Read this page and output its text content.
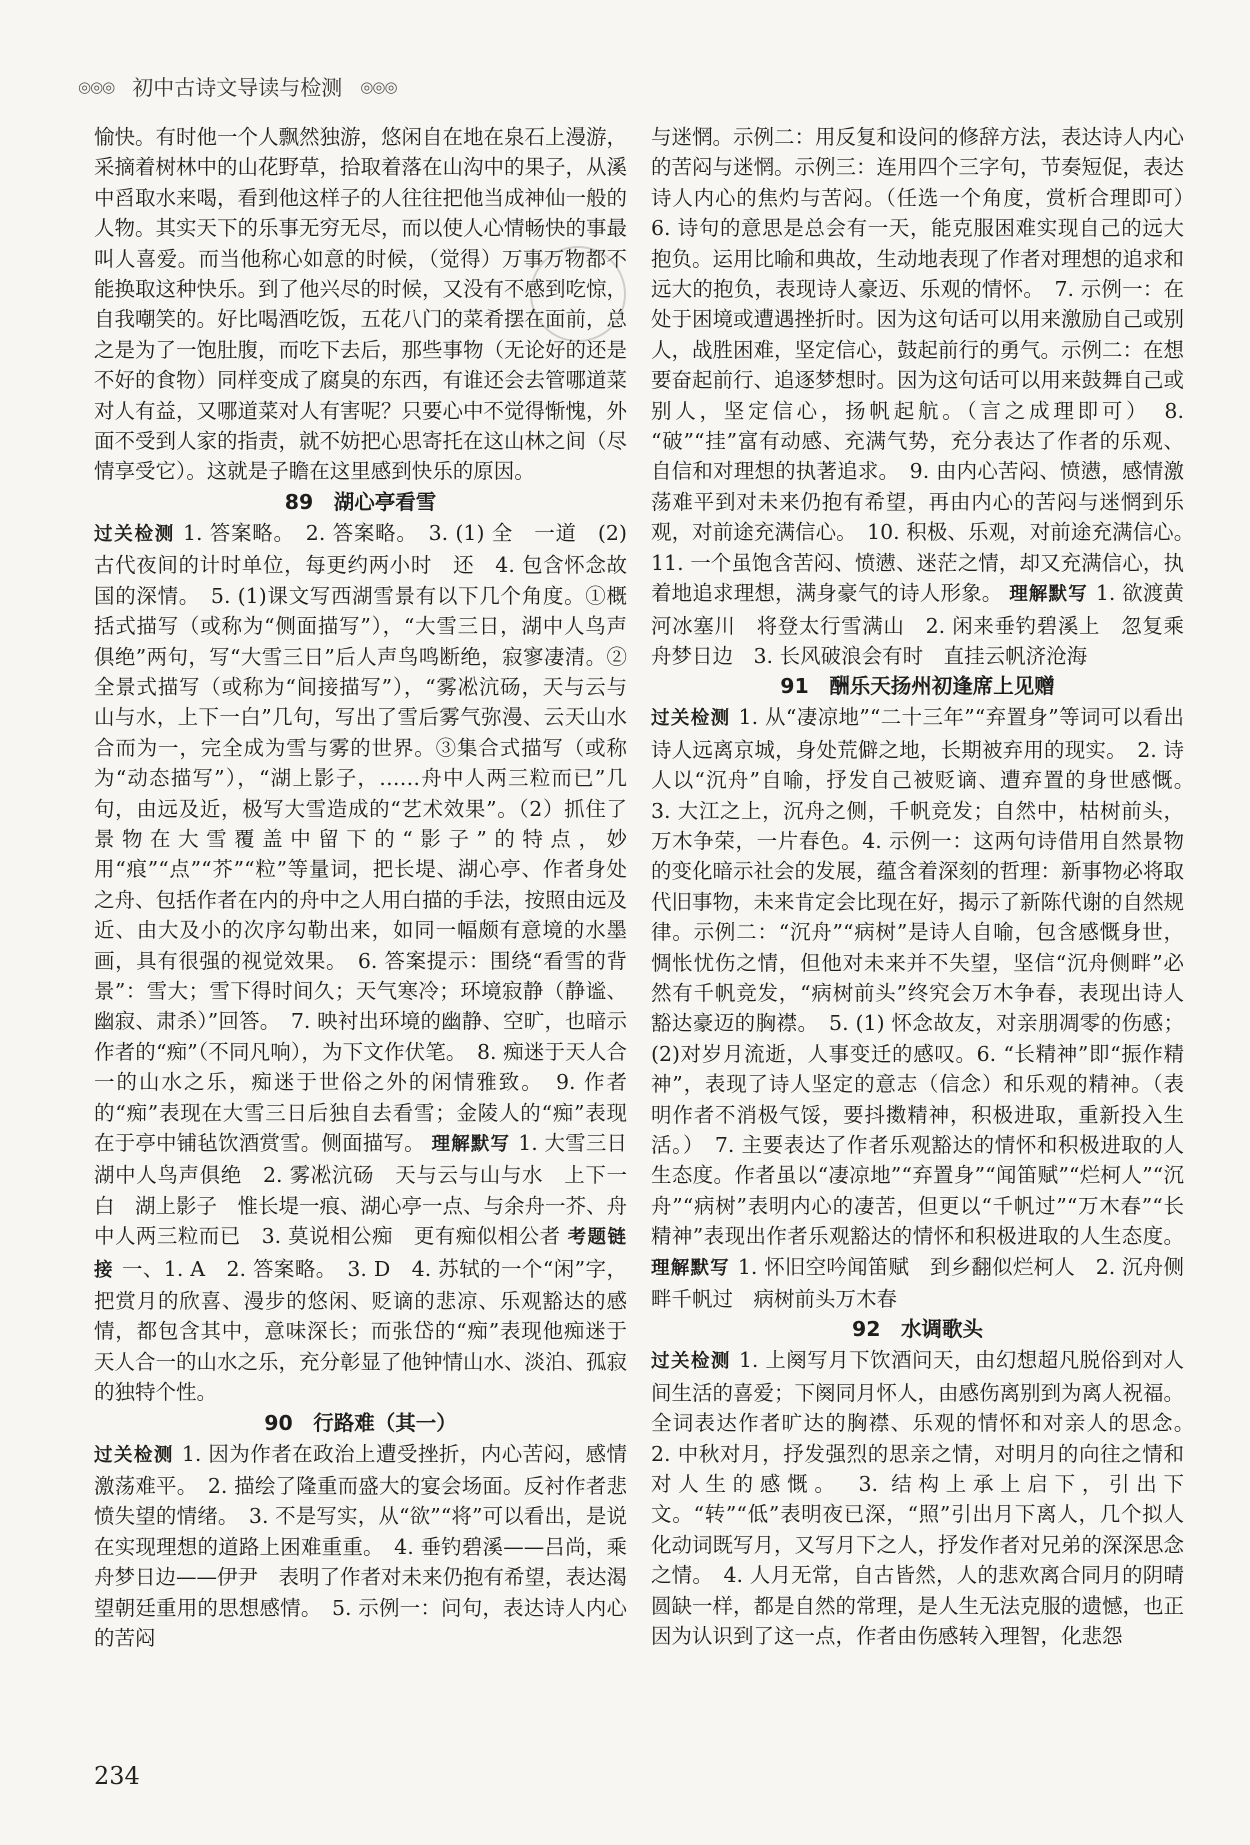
◎◎◎ 初中古诗文导读与检测 ◎◎◎

愉快。有时他一个人飘然独游，悠闲自在地在泉石上漫游，采摘着树林中的山花野草，拾取着落在山沟中的果子，从溪中舀取水来喝，看到他这样子的人往往把他当成神仙一般的人物。其实天下的乐事无穷无尽，而以使人心情畅快的事最叫人喜爱。而当他称心如意的时候，（觉得）万事万物都不能换取这种快乐。到了他兴尽的时候，又没有不感到吃惊，自我嘲笑的。好比喝酒吃饭，五花八门的菜肴摆在面前，总之是为了一饱肚腹，而吃下去后，那些事物（无论好的还是不好的食物）同样变成了腐臭的东西，有谁还会去管哪道菜对人有益，又哪道菜对人有害呢？只要心中不觉得惭愧，外面不受到人家的指责，就不妨把心思寄托在这山林之间（尽情享受它）。这就是子瞻在这里感到快乐的原因。

89　湖心亭看雪

过关检测 1. 答案略。　2. 答案略。　3. (1) 全　一道　(2)古代夜间的计时单位，每更约两小时　还　4. 包含怀念故国的深情。　5. (1)课文写西湖雪景有以下几个角度。①概括式描写（或称为“侧面描写”），“大雪三日，湖中人鸟声俱绝”两句，写“大雪三日”后人声鸟鸣断绝，寂寥凄清。②全景式描写（或称为“间接描写”），“雾凇沆砀，天与云与山与水，上下一白”几句，写出了雪后雾气弥漫、云天山水合而为一，完全成为雪与雾的世界。③集合式描写（或称为“动态描写”），“湖上影子，……舟中人两三粒而已”几句，由远及近，极写大雪造成的“艺术效果”。（2）抓住了景物在大雪覆盖中留下的“影子”的特点，妙用“痕”“点”“芥”“粒”等量词，把长堤、湖心亭、作者身处之舟、包括作者在内的舟中之人用白描的手法，按照由远及近、由大及小的次序勾勒出来，如同一幅颇有意境的水墨画，具有很强的视觉效果。　6. 答案提示：围绕“看雪的背景”：雪大；雪下得时间久；天气寒冷；环境寂静（静谧、幽寂、肃杀）”回答。　7. 映衬出环境的幽静、空旷，也暗示作者的“痴”（不同凡响），为下文作伏笔。　8. 痴迷于天人合一的山水之乐，痴迷于世俗之外的闲情雅致。　9. 作者的“痴”表现在大雪三日后独自去看雪；金陵人的“痴”表现在于亭中铺毡饮酒赏雪。侧面描写。 理解默写 1. 大雪三日　湖中人鸟声俱绝　2. 雾凇沆砀　天与云与山与水　上下一白　湖上影子　惟长堤一痕、湖心亭一点、与余舟一芥、舟中人两三粒而已　3. 莫说相公痴　更有痴似相公者 考题链接 一、1. A　2. 答案略。　3. D　4. 苏轼的一个“闲”字，把赏月的欣喜、漫步的悠闲、贬谪的悲凉、乐观豁达的感情，都包含其中，意味深长；而张岱的“痴”表现他痴迷于天人合一的山水之乐，充分彰显了他钟情山水、淡泊、孤寂的独特个性。

90　行路难（其一）

过关检测 1. 因为作者在政治上遭受挫折，内心苦闷，感情激荡难平。　2. 描绘了隆重而盛大的宴会场面。反衬作者悲愤失望的情绪。　3. 不是写实，从“欲”“将”可以看出，是说在实现理想的道路上困难重重。　4. 垂钓碧溪——吕尚，乘舟梦日边——伊尹　表明了作者对未来仍抱有希望，表达渴望朝廷重用的思想感情。　5. 示例一：问句，表达诗人内心的苦闷

与迷惘。示例二：用反复和设问的修辞方法，表达诗人内心的苦闷与迷惘。示例三：连用四个三字句，节奏短促，表达诗人内心的焦灼与苦闷。（任选一个角度，赏析合理即可）　6. 诗句的意思是总会有一天，能克服困难实现自己的远大抱负。运用比喻和典故，生动地表现了作者对理想的追求和远大的抱负，表现诗人豪迈、乐观的情怀。　7. 示例一：在处于困境或遭遇挫折时。因为这句话可以用来激励自己或别人，战胜困难，坚定信心，鼓起前行的勇气。示例二：在想要奋起前行、追逐梦想时。因为这句话可以用来鼓舞自己或别人，坚定信心，扬帆起航。（言之成理即可）　8. “破”“挂”富有动感、充满气势，充分表达了作者的乐观、自信和对理想的执著追求。　9. 由内心苦闷、愤懑，感情激荡难平到对未来仍抱有希望，再由内心的苦闷与迷惘到乐观，对前途充满信心。　10. 积极、乐观，对前途充满信心。　11. 一个虽饱含苦闷、愤懑、迷茫之情，却又充满信心，执着地追求理想，满身豪气的诗人形象。 理解默写 1. 欲渡黄河冰塞川　将登太行雪满山　2. 闲来垂钓碧溪上　忽复乘舟梦日边　3. 长风破浪会有时　直挂云帆济沧海

91　酬乐天扬州初逢席上见赠

过关检测 1. 从“凄凉地”“二十三年”“弃置身”等词可以看出诗人远离京城，身处荒僻之地，长期被弃用的现实。　2. 诗人以“沉舟”自喻，抒发自己被贬谪、遭弃置的身世感慨。　3. 大江之上，沉舟之侧，千帆竞发；自然中，枯树前头，万木争荣，一片春色。4. 示例一：这两句诗借用自然景物的变化暗示社会的发展，蕴含着深刻的哲理：新事物必将取代旧事物，未来肯定会比现在好，揭示了新陈代谢的自然规律。示例二：“沉舟”“病树”是诗人自喻，包含感慨身世，惆怅忧伤之情，但他对未来并不失望，坚信“沉舟侧畔”必然有千帆竞发，“病树前头”终究会万木争春，表现出诗人豁达豪迈的胸襟。　5. (1) 怀念故友，对亲朋凋零的伤感；(2)对岁月流逝，人事变迁的感叹。6. “长精神”即“振作精神”，表现了诗人坚定的意志（信念）和乐观的精神。（表明作者不消极气馁，要抖擞精神，积极进取，重新投入生活。）　7. 主要表达了作者乐观豁达的情怀和积极进取的人生态度。作者虽以“凄凉地”“弃置身”“闻笛赋”“烂柯人”“沉舟”“病树”表明内心的凄苦，但更以“千帆过”“万木春”“长精神”表现出作者乐观豁达的情怀和积极进取的人生态度。 理解默写 1. 怀旧空吟闻笛赋　到乡翻似烂柯人　2. 沉舟侧畔千帆过　病树前头万木春

92　水调歌头

过关检测 1. 上阕写月下饮酒问天，由幻想超凡脱俗到对人间生活的喜爱；下阕同月怀人，由感伤离别到为离人祝福。全词表达作者旷达的胸襟、乐观的情怀和对亲人的思念。　2. 中秋对月，抒发强烈的思亲之情，对明月的向往之情和对人生的感慨。　3. 结构上承上启下，引出下文。“转”“低”表明夜已深，“照”引出月下离人，几个拟人化动词既写月，又写月下之人，抒发作者对兄弟的深深思念之情。　4. 人月无常，自古皆然，人的悲欢离合同月的阴晴圆缺一样，都是自然的常理，是人生无法克服的遗憾，也正因为认识到了这一点，作者由伤感转入理智，化悲怨

234
